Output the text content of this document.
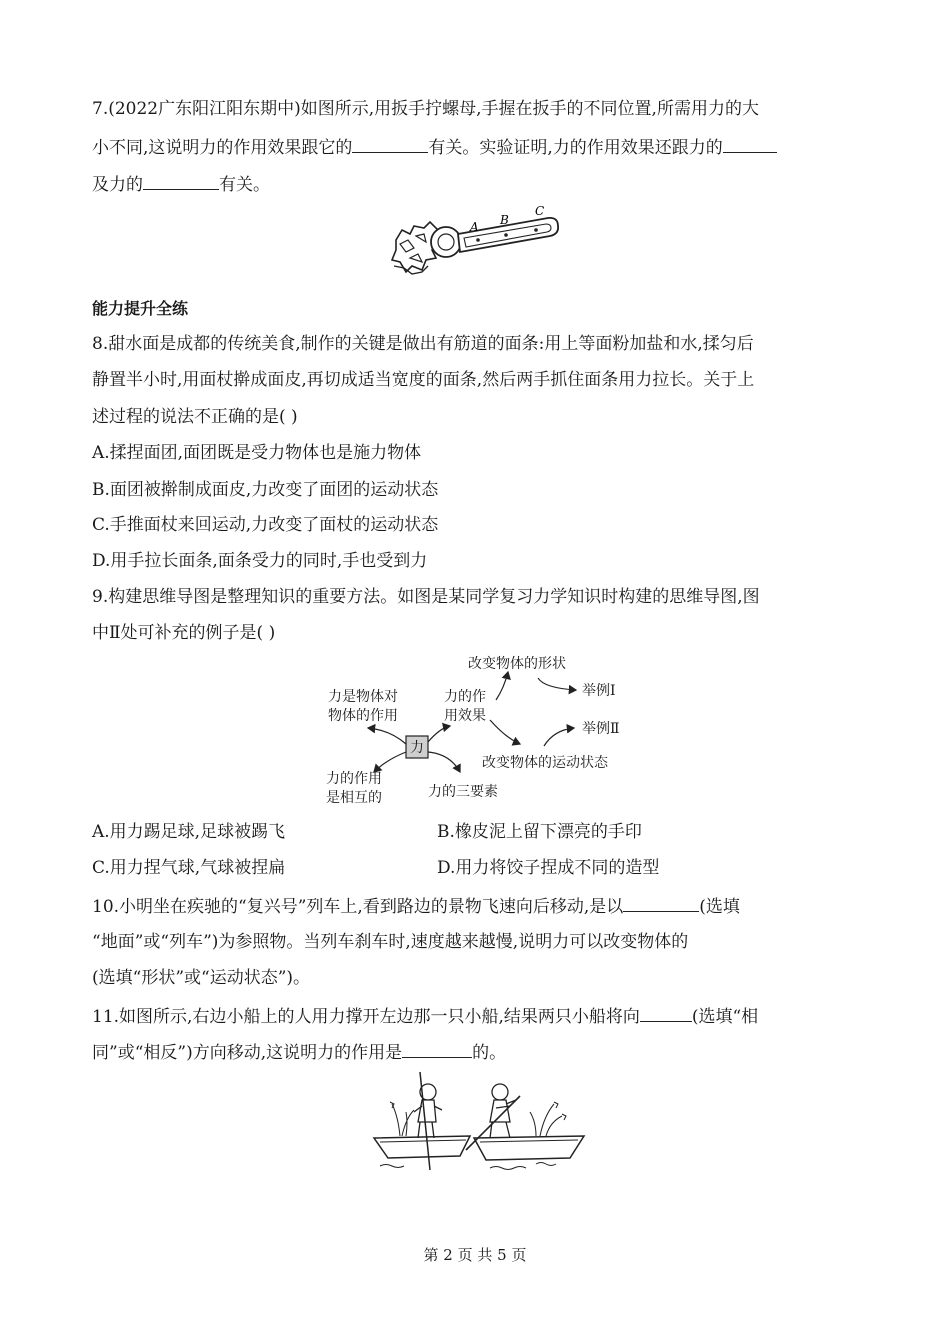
7.(2022广东阳江阳东期中)如图所示,用扳手拧螺母,手握在扳手的不同位置,所需用力的大
小不同,这说明力的作用效果跟它的	有关。实验证明,力的作用效果还跟力的
及力的	有关。
A B
C
能力提升全练
8.甜水面是成都的传统美食,制作的关键是做出有筋道的面条:用上等面粉加盐和水,揉匀后
静置半小时,用面杖擀成面皮,再切成适当宽度的面条,然后两手抓住面条用力拉长。关于上
述过程的说法不正确的是( )
A.揉捏面团,面团既是受力物体也是施力物体
B.面团被擀制成面皮,力改变了面团的运动状态
C.手推面杖来回运动,力改变了面杖的运动状态
D.用手拉长面条,面条受力的同时,手也受到力
9.构建思维导图是整理知识的重要方法。如图是某同学复习力学知识时构建的思维导图,图
中Ⅱ处可补充的例子是( )
力
改变物体的形状
举例Ⅰ
力是物体对
物体的作用
力的作
用效果
举例Ⅱ
改变物体的运动状态
力的作用
是相互的	力的三要素
A.用力踢足球,足球被踢飞	B.橡皮泥上留下漂亮的手印
C.用力捏气球,气球被捏扁	D.用力将饺子捏成不同的造型
10.小明坐在疾驰的“复兴号”列车上,看到路边的景物飞速向后移动,是以	(选填
“地面”或“列车”)为参照物。当列车刹车时,速度越来越慢,说明力可以改变物体的
(选填“形状”或“运动状态”)。
11.如图所示,右边小船上的人用力撑开左边那一只小船,结果两只小船将向	(选填“相
同”或“相反”)方向移动,这说明力的作用是	的。
第 2 页 共 5 页
